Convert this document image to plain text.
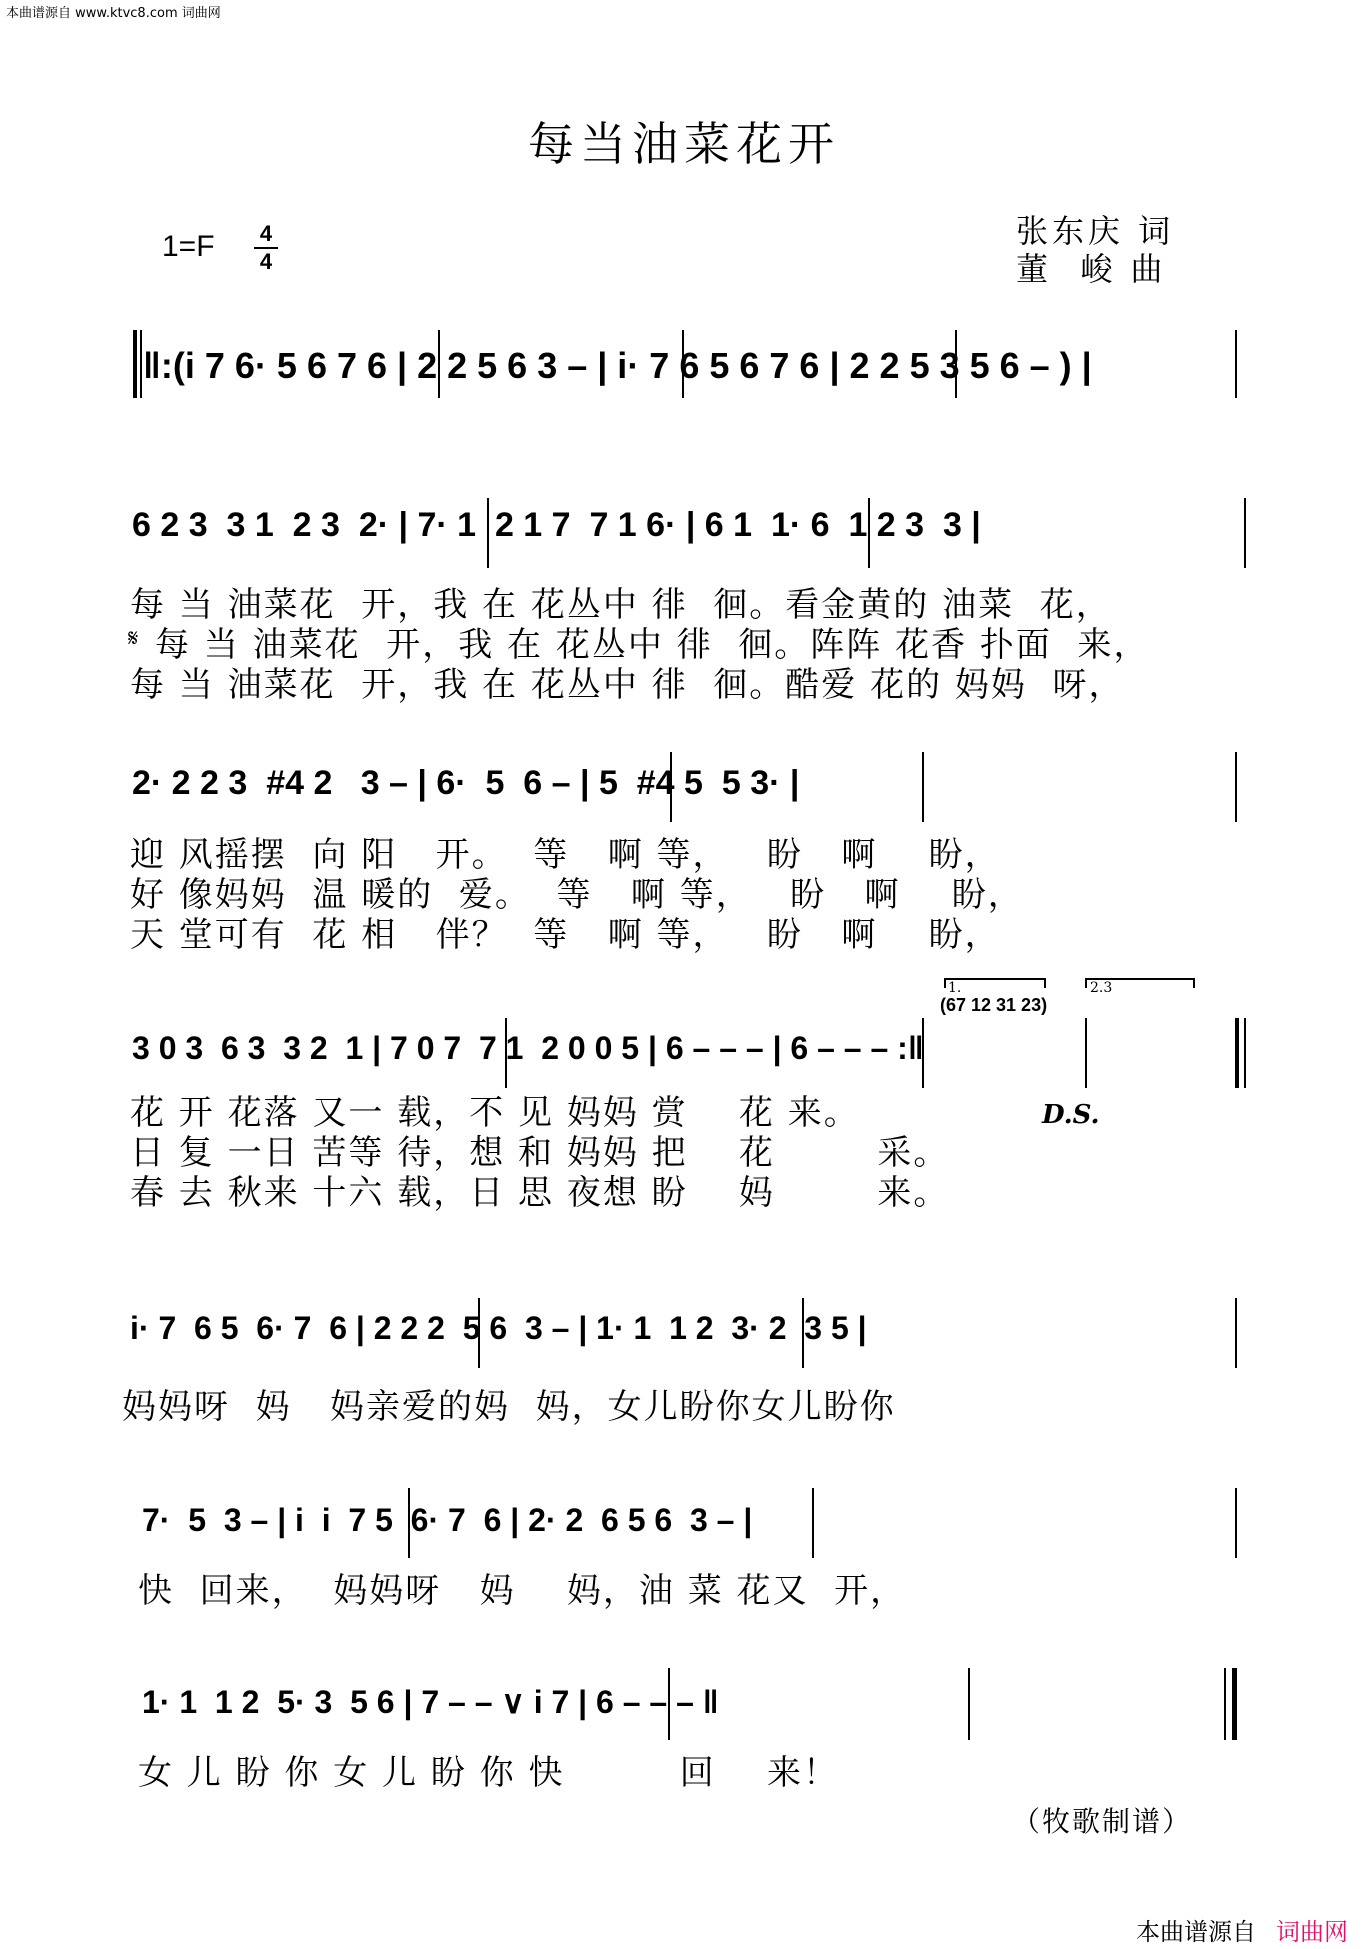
本曲谱源自 www.ktvc8.com 词曲网
每当油菜花开
1=F 4
4
张东庆 词
董  峻 曲
‖:(i 7 6· 5 6 7 6 | 2 2 5 6 3 – | i· 7 6 5 6 7 6 | 2 2 5 3 5 6 – ) |
6 2 3  3 1  2 3  2· | 7· 1  2 1 7  7 1 6· | 6 1  1· 6  1 2 3  3 |
𝄋
每 当 油菜花  开，我 在 花丛中 徘  徊。看金黄的 油菜  花，
每 当 油菜花  开，我 在 花丛中 徘  徊。阵阵 花香 扑面  来，
每 当 油菜花  开，我 在 花丛中 徘  徊。酷爱 花的 妈妈  呀，
2· 2 2 3  #4 2   3 – | 6·  5  6 – | 5  #4 5  5 3· |
迎 风摇摆  向 阳   开。  等   啊 等，   盼   啊    盼，
好 像妈妈  温 暖的  爱。  等   啊 等，   盼   啊    盼，
天 堂可有  花 相   伴？  等   啊 等，   盼   啊    盼，
1.	2.3
(67 12 31 23)
3 0 3  6 3  3 2  1 | 7 0 7  7 1  2 0 0 5 | 6 – – – | 6 – – – :‖
花 开 花落 又一 载，不 见 妈妈 赏    花 来。	D.S.
日 复 一日 苦等 待，想 和 妈妈 把    花        采。
春 去 秋来 十六 载，日 思 夜想 盼    妈        来。
i· 7  6 5  6· 7  6 | 2 2 2  5 6  3 – | 1· 1  1 2  3· 2  3 5 |
妈妈呀  妈   妈亲爱的妈  妈，女儿盼你女儿盼你
7·  5  3 – | i  i  7 5  6· 7  6 | 2· 2  6 5 6  3 – |
快  回来，  妈妈呀   妈    妈，油 菜 花又  开，
1· 1  1 2  5· 3  5 6 | 7 – – ∨ i 7 | 6 – – – ‖
女 儿 盼 你 女 儿 盼 你 快         回    来！
（牧歌制谱）
本曲谱源自 词曲网
